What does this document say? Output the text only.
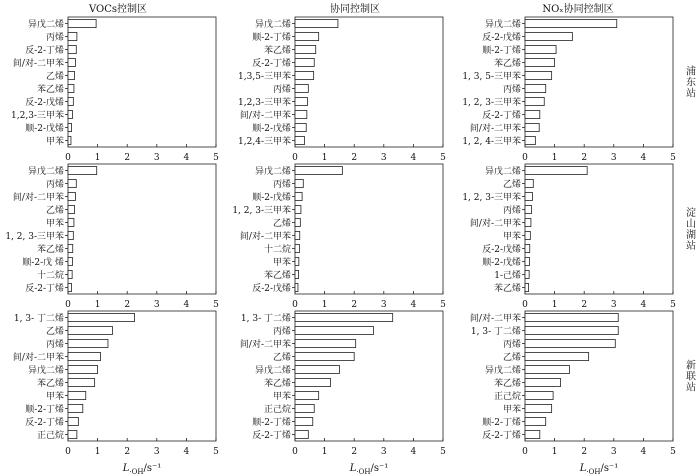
VOCs控制区	协同控制区	NOₓ协同控制区
浦东站
淀山湖站
新联站
0	1	2	3	4	5
异戊二烯
丙烯
反-2-丁烯
间/对-二甲苯
乙烯
苯乙烯
反-2-戊烯
1,2,3-三甲苯
顺-2-戊烯
甲苯
0	1	2	3	4	5
异戊二烯
顺-2-丁烯
苯乙烯
反-2-丁烯
1,3,5-三甲苯
丙烯
1,2,3-三甲苯
间/对-二甲苯
顺-2-戊烯
1,2,4-三甲苯
0	1	2	3	4	5
异戊二烯
反-2-戊烯
顺-2-丁烯
苯乙烯
1, 3, 5-三甲苯
丙烯
1, 2, 3-三甲苯
反-2-丁烯
间/对-二甲苯
1, 2, 4-三甲苯
0	1	2	3	4	5
异戊二烯
丙烯
间/对-二甲苯
乙烯
甲苯
1, 2, 3-三甲苯
苯乙烯
顺-2-戊 烯
十二烷
反-2-丁烯
0	1	2	3	4	5
异戊二烯
丙烯
顺-2-戊烯
1, 2, 3-三甲苯
乙烯
间/对-二甲苯
十二烷
甲苯
苯乙烯
反-2-戊烯
0	1	2	3	4	5
异戊二烯
乙烯
1, 2, 3-三甲苯
丙烯
间/对-二甲苯
甲苯
反-2-戊烯
顺-2-戊烯
1-己烯
苯乙烯
0	1	2	3	4	5
1, 3- 丁二烯
乙烯
丙烯
间/对-二甲苯
异戊二烯
苯乙烯
甲苯
顺-2-丁烯
反-2-丁烯
正己烷
$L_{\cdot OH}/s^{-1}$
0	1	2	3	4	5
1, 3- 丁二烯
丙烯
间/对-二甲苯
乙烯
异戊二烯
苯乙烯
甲苯
正己烷
顺-2-丁烯
反-2-丁烯
$L_{\cdot OH}/s^{-1}$
0	1	2	3	4	5
间/对-二甲苯
1, 3- 丁二烯
丙烯
乙烯
异戊二烯
苯乙烯
正己烷
甲苯
顺-2-丁烯
反-2-丁烯
$L_{\cdot OH}/s^{-1}$
